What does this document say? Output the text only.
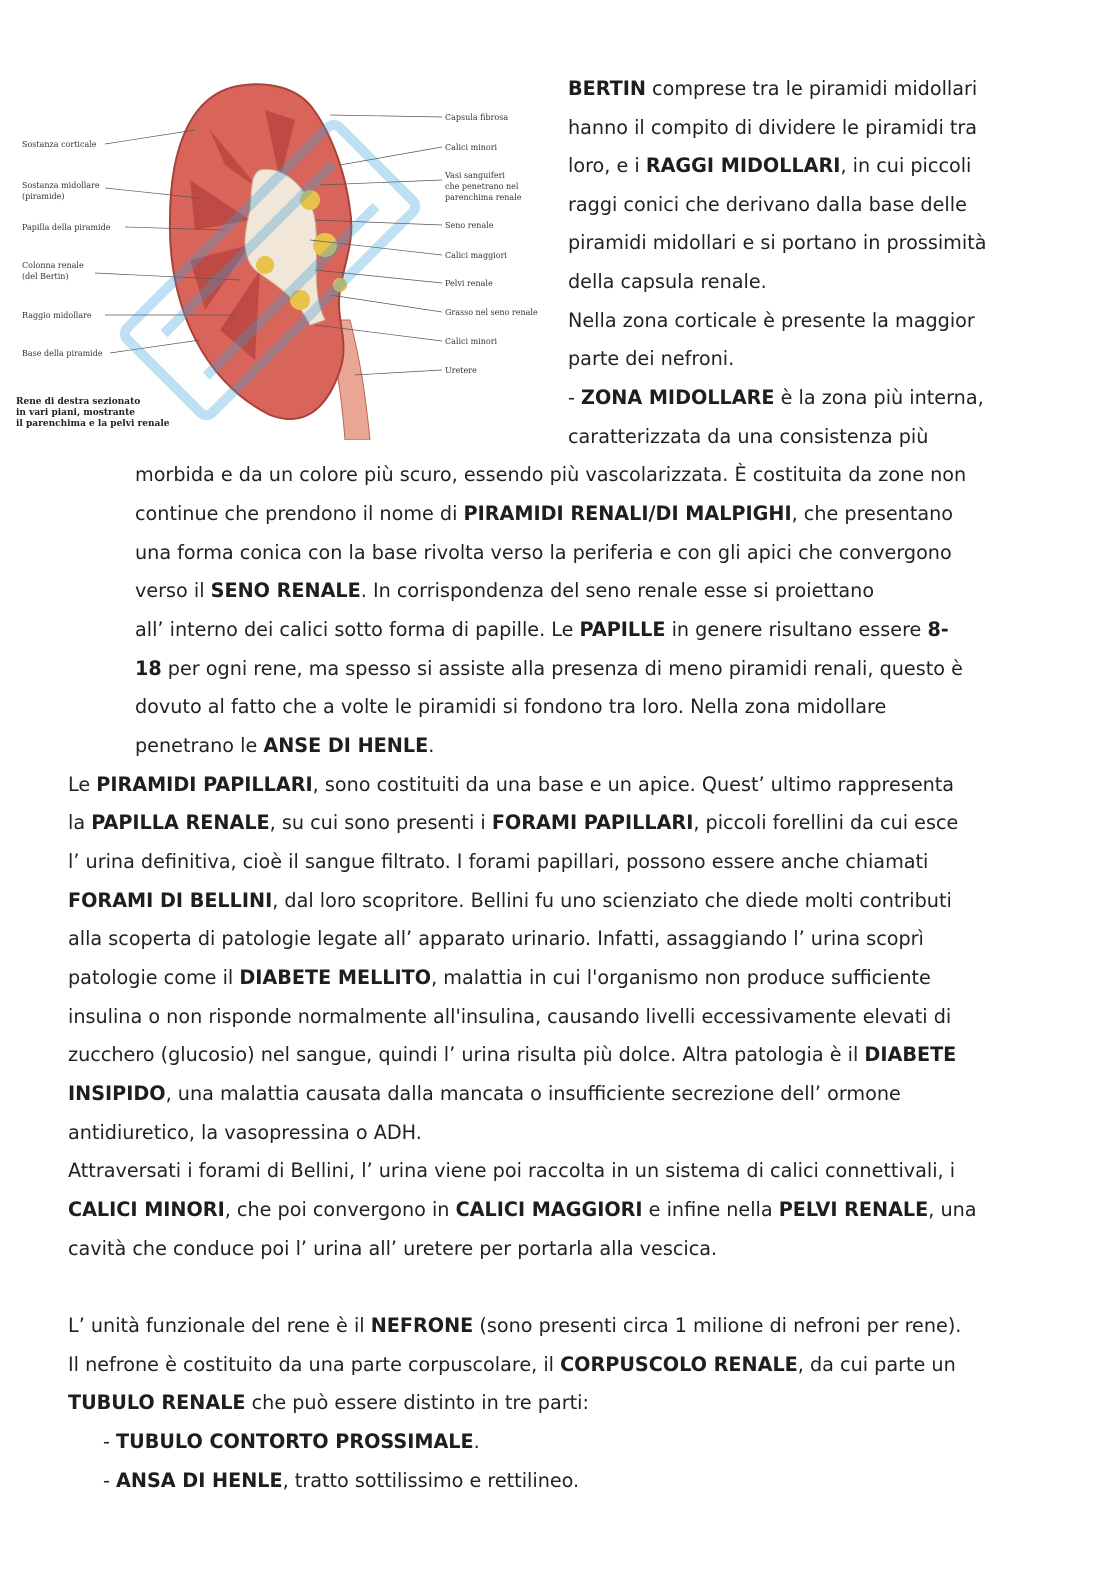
Sostanza corticale
Sostanza midollare
(piramide)
Papilla della piramide
Colonna renale
(del Bertin)
Raggio midollare
Base della piramide
Capsula fibrosa
Calici minori
Vasi sanguiferi
che penetrano nel
parenchima renale
Seno renale
Calici maggiori
Pelvi renale
Grasso nel seno renale
Calici minori
Uretere
Rene di destra sezionato
in vari piani, mostrante
il parenchima e la pelvi renale

BERTIN comprese tra le piramidi midollari

hanno il compito di dividere le piramidi tra

loro, e i RAGGI MIDOLLARI, in cui piccoli

raggi conici che derivano dalla base delle

piramidi midollari e si portano in prossimità

della capsula renale.

Nella zona corticale è presente la maggior

parte dei nefroni.

- ZONA MIDOLLARE è la zona più interna,

caratterizzata da una consistenza più

morbida e da un colore più scuro, essendo più vascolarizzata. È costituita da zone non

continue che prendono il nome di PIRAMIDI RENALI/DI MALPIGHI, che presentano

una forma conica con la base rivolta verso la periferia e con gli apici che convergono

verso il SENO RENALE. In corrispondenza del seno renale esse si proiettano

all’ interno dei calici sotto forma di papille. Le PAPILLE in genere risultano essere 8-

18 per ogni rene, ma spesso si assiste alla presenza di meno piramidi renali, questo è

dovuto al fatto che a volte le piramidi si fondono tra loro. Nella zona midollare

penetrano le ANSE DI HENLE.

Le PIRAMIDI PAPILLARI, sono costituiti da una base e un apice. Quest’ ultimo rappresenta

la PAPILLA RENALE, su cui sono presenti i FORAMI PAPILLARI, piccoli forellini da cui esce

l’ urina definitiva, cioè il sangue filtrato. I forami papillari, possono essere anche chiamati

FORAMI DI BELLINI, dal loro scopritore. Bellini fu uno scienziato che diede molti contributi

alla scoperta di patologie legate all’ apparato urinario. Infatti, assaggiando l’ urina scoprì

patologie come il DIABETE MELLITO, malattia in cui l'organismo non produce sufficiente

insulina o non risponde normalmente all'insulina, causando livelli eccessivamente elevati di

zucchero (glucosio) nel sangue, quindi l’ urina risulta più dolce. Altra patologia è il DIABETE

INSIPIDO, una malattia causata dalla mancata o insufficiente secrezione dell’ ormone

antidiuretico, la vasopressina o ADH.

Attraversati i forami di Bellini, l’ urina viene poi raccolta in un sistema di calici connettivali, i

CALICI MINORI, che poi convergono in CALICI MAGGIORI e infine nella PELVI RENALE, una

cavità che conduce poi l’ urina all’ uretere per portarla alla vescica.

L’ unità funzionale del rene è il NEFRONE (sono presenti circa 1 milione di nefroni per rene).

Il nefrone è costituito da una parte corpuscolare, il CORPUSCOLO RENALE, da cui parte un

TUBULO RENALE che può essere distinto in tre parti:

- TUBULO CONTORTO PROSSIMALE.

- ANSA DI HENLE, tratto sottilissimo e rettilineo.
